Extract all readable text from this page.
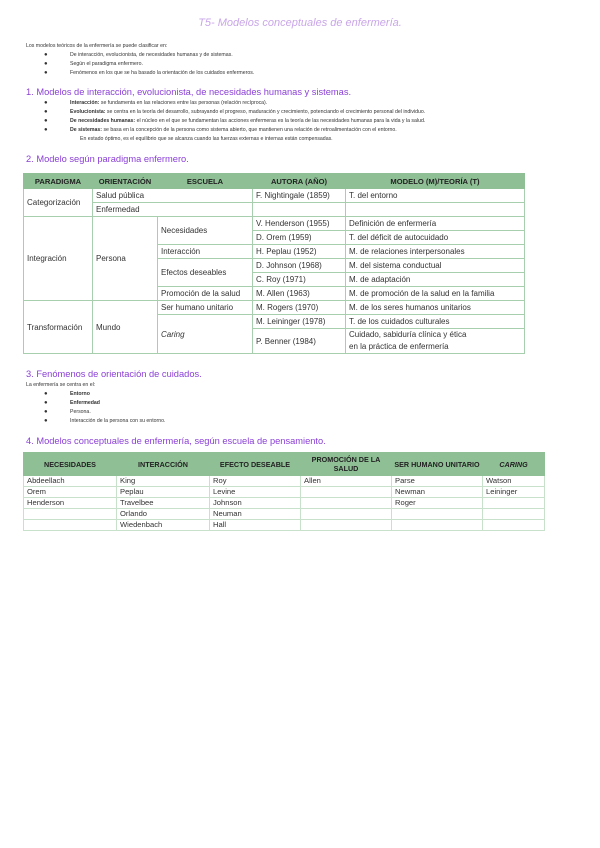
T5- Modelos conceptuales de enfermería.
Los modelos teóricos de la enfermería se puede clasificar en:
●	De interacción, evolucionista, de necesidades humanas y de sistemas.
●	Según el paradigma enfermero.
●	Fenómenos en los que se ha basado la orientación de los cuidados enfermeros.
1. Modelos de interacción, evolucionista, de necesidades humanas y sistemas.
●	Interacción: se fundamenta en las relaciones entre las personas (relación recíproca).
●	Evolucionista: se centra en la teoría del desarrollo, subrayando el progreso, maduración y crecimiento, potenciando el crecimiento personal del individuo.
●	De necesidades humanas: el núcleo en el que se fundamentan las acciones enfermeras es la teoría de las necesidades humanas para la vida y la salud.
●	De sistemas: se basa en la concepción de la persona como sistema abierto, que mantienen una relación de retroalimentación con el entorno.
En estado óptimo, es el equilibrio que se alcanza cuando las fuerzas externas e internas están compensadas.
2. Modelo según paradigma enfermero.
PARADIGMA	ORIENTACIÓN	ESCUELA	AUTORA (AÑO)	MODELO (M)/TEORÍA (T)
Categorización	Salud pública		F. Nightingale (1859)	T. del entorno
	Enfermedad			
Integración	Persona	Necesidades	V. Henderson (1955)	Definición de enfermería
			D. Orem (1959)	T. del déficit de autocuidado
		Interacción	H. Peplau (1952)	M. de relaciones interpersonales
		Efectos deseables	D. Johnson (1968)	M. del sistema conductual
			C. Roy (1971)	M. de adaptación
		Promoción de la salud	M. Allen (1963)	M. de promoción de la salud en la familia
Transformación	Mundo	Ser humano unitario	M. Rogers (1970)	M. de los seres humanos unitarios
		Caring	M. Leininger (1978)	T. de los cuidados culturales
			P. Benner (1984)	Cuidado, sabiduría clínica y ética
en la práctica de enfermería
3. Fenómenos de orientación de cuidados.
La enfermería se centra en el:
●	Entorno
●	Enfermedad
●	Persona.
●	Interacción de la persona con su entorno.
4. Modelos conceptuales de enfermería, según escuela de pensamiento.
NECESIDADES	INTERACCIÓN	EFECTO DESEABLE	PROMOCIÓN DE LA SALUD	SER HUMANO UNITARIO	CARING
Abdeellach	King	Roy	Allen	Parse	Watson
Orem	Peplau	Levine		Newman	Leininger
Henderson	Travelbee	Johnson		Roger	
	Orlando	Neuman			
	Wiedenbach	Hall			
